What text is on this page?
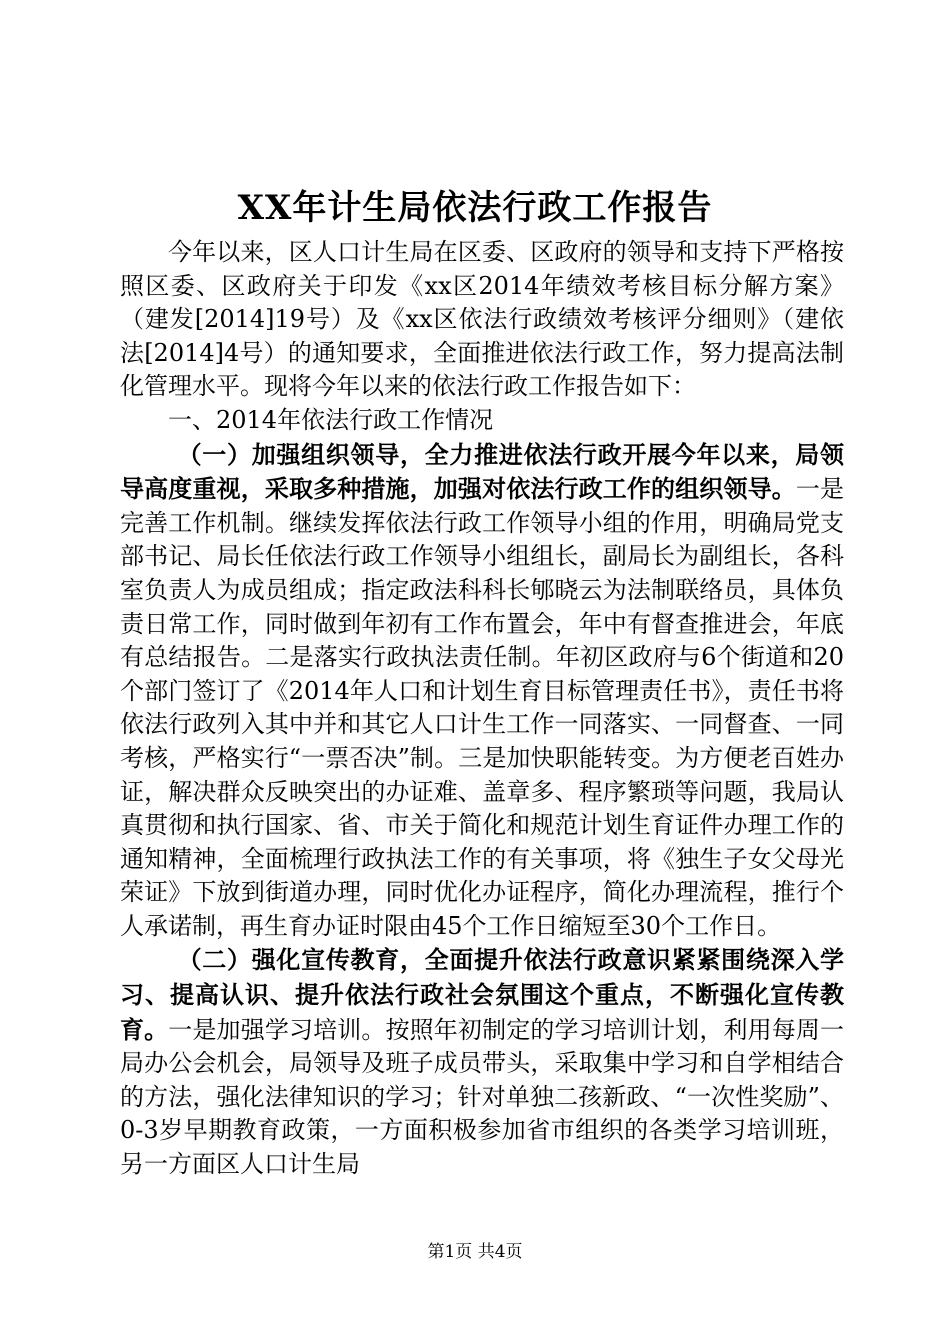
XX年计生局依法行政工作报告

今年以来，区人口计生局在区委、区政府的领导和支持下严格按照区委、区政府关于印发《xx区2014年绩效考核目标分解方案》（建发[2014]19号）及《xx区依法行政绩效考核评分细则》（建依法[2014]4号）的通知要求，全面推进依法行政工作，努力提高法制化管理水平。现将今年以来的依法行政工作报告如下：

一、2014年依法行政工作情况

（一）加强组织领导，全力推进依法行政开展今年以来，局领导高度重视，采取多种措施，加强对依法行政工作的组织领导。一是完善工作机制。继续发挥依法行政工作领导小组的作用，明确局党支部书记、局长任依法行政工作领导小组组长，副局长为副组长，各科室负责人为成员组成；指定政法科科长郇晓云为法制联络员，具体负责日常工作，同时做到年初有工作布置会，年中有督查推进会，年底有总结报告。二是落实行政执法责任制。年初区政府与6个街道和20个部门签订了《2014年人口和计划生育目标管理责任书》，责任书将依法行政列入其中并和其它人口计生工作一同落实、一同督查、一同考核，严格实行“一票否决”制。三是加快职能转变。为方便老百姓办证，解决群众反映突出的办证难、盖章多、程序繁琐等问题，我局认真贯彻和执行国家、省、市关于简化和规范计划生育证件办理工作的通知精神，全面梳理行政执法工作的有关事项，将《独生子女父母光荣证》下放到街道办理，同时优化办证程序，简化办理流程，推行个人承诺制，再生育办证时限由45个工作日缩短至30个工作日。

（二）强化宣传教育，全面提升依法行政意识紧紧围绕深入学习、提高认识、提升依法行政社会氛围这个重点，不断强化宣传教育。一是加强学习培训。按照年初制定的学习培训计划，利用每周一局办公会机会，局领导及班子成员带头，采取集中学习和自学相结合的方法，强化法律知识的学习；针对单独二孩新政、“一次性奖励”、0-3岁早期教育政策，一方面积极参加省市组织的各类学习培训班，另一方面区人口计生局

第1页 共4页
